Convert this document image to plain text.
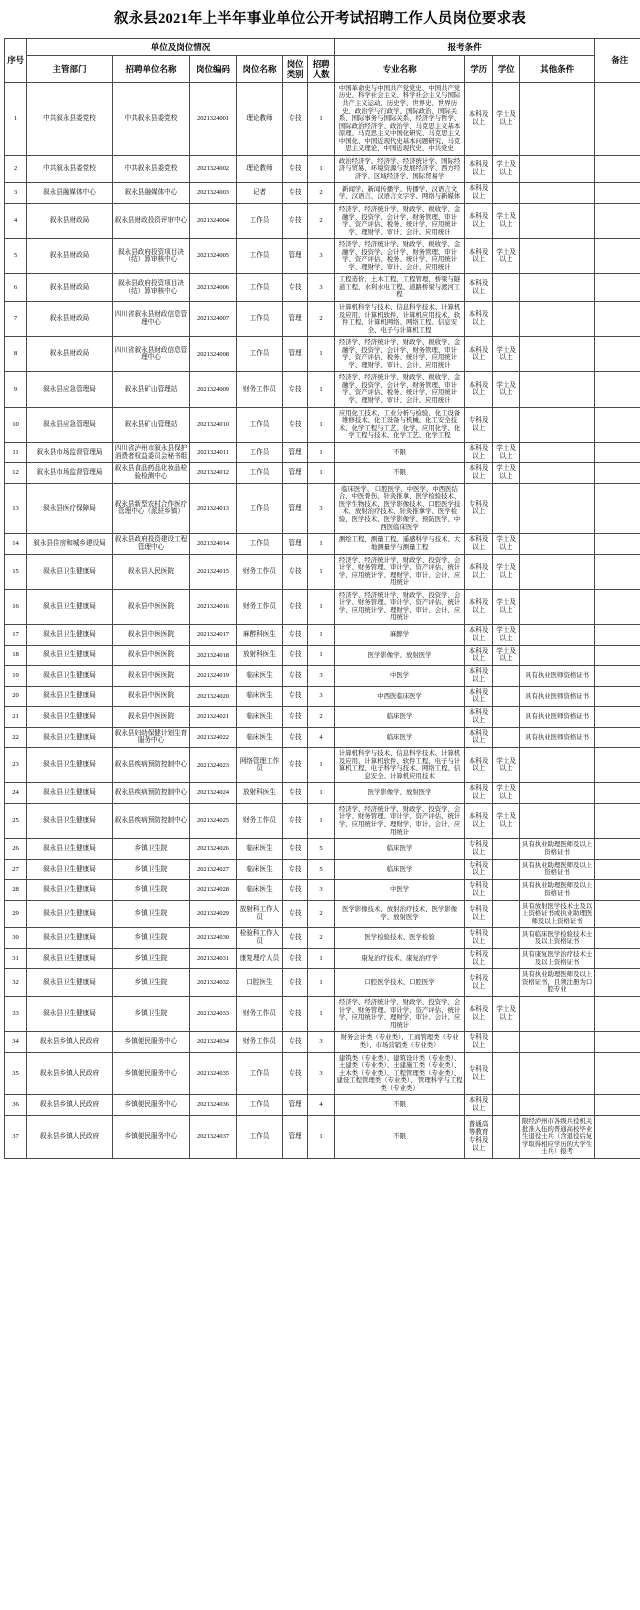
叙永县2021年上半年事业单位公开考试招聘工作人员岗位要求表
序号	单位及岗位情况						报考条件				备注
	主管部门	招聘单位名称	岗位编码	岗位名称	岗位类别	招聘人数	专业名称	学历	学位	其他条件	
1	中共叙永县委党校	中共叙永县委党校	2021324001	理论教师	专技	1	中国革命史与中国共产党党史、中国共产党历史、科学社会主义、科学社会主义与国际共产主义运动、历史学、世界史、世界历史、政治学与行政学、国际政治、国际关系、国际事务与国际关系、经济学与哲学、国际政治经济学、政治学、马克思主义基本原理、马克思主义中国化研究、马克思主义中国化、中国近现代史基本问题研究、马克思主义理论、中国近现代史、中共党史	本科及以上	学士及以上		
2	中共叙永县委党校	中共叙永县委党校	2021324002	理论教师	专技	1	政治经济学、经济学、经济统计学、国际经济与贸易、环境资源与发展经济学、西方经济学、区域经济学、国际贸易学	本科及以上	学士及以上		
3	叙永县融媒体中心	叙永县融媒体中心	2021324003	记者	专技	2	新闻学、新闻传播学、传播学、汉语言文学、汉语言、汉语言文字学、网络与新媒体	本科及以上			
4	叙永县财政局	叙永县财政投资评审中心	2021324004	工作员	专技	2	经济学、经济统计学、财政学、税收学、金融学、投资学、会计学、财务管理、审计学、资产评估、税务、统计学、应用统计学、理财学、审计、会计、应用统计	本科及以上	学士及以上		
5	叙永县财政局	叙永县政府投资项目决（结）算审核中心	2021324005	工作员	管理	3	经济学、经济统计学、财政学、税收学、金融学、投资学、会计学、财务管理、审计学、资产评估、税务、统计学、应用统计学、理财学、审计、会计、应用统计	本科及以上	学士及以上		
6	叙永县财政局	叙永县政府投资项目决（结）算审核中心	2021324006	工作员	专技	3	工程造价、土木工程、工程管理、桥梁与隧道工程、水利水电工程、道路桥梁与渡河工程	本科及以上			
7	叙永县财政局	四川省叙永县财政信息管理中心	2021324007	工作员	管理	2	计算机科学与技术、信息科学技术、计算机及应用、计算机软件、计算机应用技术、软件工程、计算机网络、网络工程、信息安全、电子与计算机工程	本科及以上			
8	叙永县财政局	四川省叙永县财政信息管理中心	2021324008	工作员	管理	1	经济学、经济统计学、财政学、税收学、金融学、投资学、会计学、财务管理、审计学、资产评估、税务、统计学、应用统计学、理财学、审计、会计、应用统计	本科及以上	学士及以上		
9	叙永县应急管理局	叙永县矿山管理站	2021324009	财务工作员	专技	1	经济学、经济统计学、财政学、税收学、金融学、投资学、会计学、财务管理、审计学、资产评估、税务、统计学、应用统计学、理财学、审计、会计、应用统计	本科及以上	学士及以上		
10	叙永县应急管理局	叙永县矿山管理站	2021324010	工作员	专技	1	应用化工技术、工业分析与检验、化工设备维修技术、化工设备与机械、化工安全技术、化学工程与工艺、化学、应用化学、化学工程与技术、化学工艺、化学工程	专科及以上			
11	叙永县市场监督管理局	四川省泸州市叙永县保护消费者权益委员会秘书组	2021324011	工作员	管理	1	不限	本科及以上	学士及以上		
12	叙永县市场监督管理局	叙永县食品药品化妆品检验检测中心	2021324012	工作员	管理	1	不限	本科及以上	学士及以上		
13	叙永县医疗保障局	叙永县新型农村合作医疗管理中心（派驻乡镇）	2021324013	工作员	管理	3	临床医学、 口腔医学、中医学、中西医结合、中医骨伤、针灸推拿、医学检验技术、医学生物技术、医学影像技术、口腔医学技术、放射治疗技术、针灸推拿学、医学检验、医学技术、医学影像学、预防医学、中西医临床医学	专科及以上			
14	叙永县住房和城乡建设局	叙永县政府投资建设工程管理中心	2021324014	工作员	管理	1	测绘工程、测量工程、遥感科学与技术、大地测量学与测量工程	本科及以上	学士及以上		
15	叙永县卫生健康局	叙永县人民医院	2021324015	财务工作员	专技	1	经济学、经济统计学、财政学、投资学、会计学、财务管理、审计学、资产评估、统计学、应用统计学、理财学、审计、会计、应用统计	本科及以上	学士及以上		
16	叙永县卫生健康局	叙永县中医医院	2021324016	财务工作员	专技	1	经济学、经济统计学、财政学、投资学、会计学、财务管理、审计学、资产评估、统计学、应用统计学、理财学、审计、会计、应用统计	本科及以上	学士及以上		
17	叙永县卫生健康局	叙永县中医医院	2021324017	麻醉科医生	专技	1	麻醉学	本科及以上	学士及以上		
18	叙永县卫生健康局	叙永县中医医院	2021324018	放射科医生	专技	1	医学影像学、放射医学	本科及以上	学士及以上		
19	叙永县卫生健康局	叙永县中医医院	2021324019	临床医生	专技	3	中医学	本科及以上		具有执业医师资格证书	
20	叙永县卫生健康局	叙永县中医医院	2021324020	临床医生	专技	3	中西医临床医学	本科及以上		具有执业医师资格证书	
21	叙永县卫生健康局	叙永县中医医院	2021324021	临床医生	专技	2	临床医学	本科及以上		具有执业医师资格证书	
22	叙永县卫生健康局	叙永县妇幼保健计划生育服务中心	2021324022	临床医生	专技	4	临床医学	本科及以上		具有执业医师资格证书	
23	叙永县卫生健康局	叙永县疾病预防控制中心	2021324023	网络管理工作员	专技	1	计算机科学与技术、信息科学技术、计算机及应用、计算机软件、软件工程、电子与计算机工程、电子科学与技术、网络工程、信息安全、计算机应用技术	本科及以上	学士及以上		
24	叙永县卫生健康局	叙永县疾病预防控制中心	2021324024	放射科医生	专技	1	医学影像学、放射医学	本科及以上	学士及以上		
25	叙永县卫生健康局	叙永县疾病预防控制中心	2021324025	财务工作员	专技	1	经济学、经济统计学、财政学、投资学、会计学、财务管理、审计学、资产评估、统计学、应用统计学、理财学、审计、会计、应用统计	本科及以上	学士及以上		
26	叙永县卫生健康局	乡镇卫生院	2021324026	临床医生	专技	5	临床医学	专科及以上		具有执业助理医师及以上资格证书	
27	叙永县卫生健康局	乡镇卫生院	2021324027	临床医生	专技	5	临床医学	专科及以上		具有执业助理医师及以上资格证书	
28	叙永县卫生健康局	乡镇卫生院	2021324028	临床医生	专技	3	中医学	专科及以上		具有执业助理医师及以上资格证书	
29	叙永县卫生健康局	乡镇卫生院	2021324029	放射科工作人员	专技	2	医学影像技术、放射治疗技术、医学影像学、放射医学	专科及以上		具有放射医学技术士及以上资格证书或执业助理医师及以上资格证书	
30	叙永县卫生健康局	乡镇卫生院	2021324030	检验科工作人员	专技	2	医学检验技术、医学检验	专科及以上		具有临床医学检验技术士及以上资格证书	
31	叙永县卫生健康局	乡镇卫生院	2021324031	康复理疗人员	专技	1	康复治疗技术、康复治疗学	专科及以上		具有康复医学治疗技术士及以上资格证书	
32	叙永县卫生健康局	乡镇卫生院	2021324032	口腔医生	专技	1	口腔医学技术、口腔医学	专科及以上		具有执业助理医师及以上资格证书，且须注册为口腔专业	
33	叙永县卫生健康局	乡镇卫生院	2021324033	财务工作员	专技	1	经济学、经济统计学、财政学、投资学、会计学、财务管理、审计学、资产评估、统计学、应用统计学、理财学、审计、会计、应用统计	本科及以上	学士及以上		
34	叙永县乡镇人民政府	乡镇便民服务中心	2021324034	财务工作员	专技	3	财务会计类（专业类）、工商管理类（专业类）、市场营销类（专业类）	专科及以上			
35	叙永县乡镇人民政府	乡镇便民服务中心	2021324035	工作员	专技	3	建筑类（专业类）、建筑设计类（专业类）、土建类（专业类）、土建施工类（专业类）、土木类（专业类）、工程管理类（专业类）、建设工程管理类（专业类）、 管理科学与工程类（专业类）	专科及以上			
36	叙永县乡镇人民政府	乡镇便民服务中心	2021324036	工作员	管理	4	不限	本科及以上			
37	叙永县乡镇人民政府	乡镇便民服务中心	2021324037	工作员	管理	1	不限	普通高等教育专科及以上		限经泸州市各级兵役机关批准入伍的普通高校毕业生退役士兵（含退役后复学取得相应学历的大学生士兵）报考	
